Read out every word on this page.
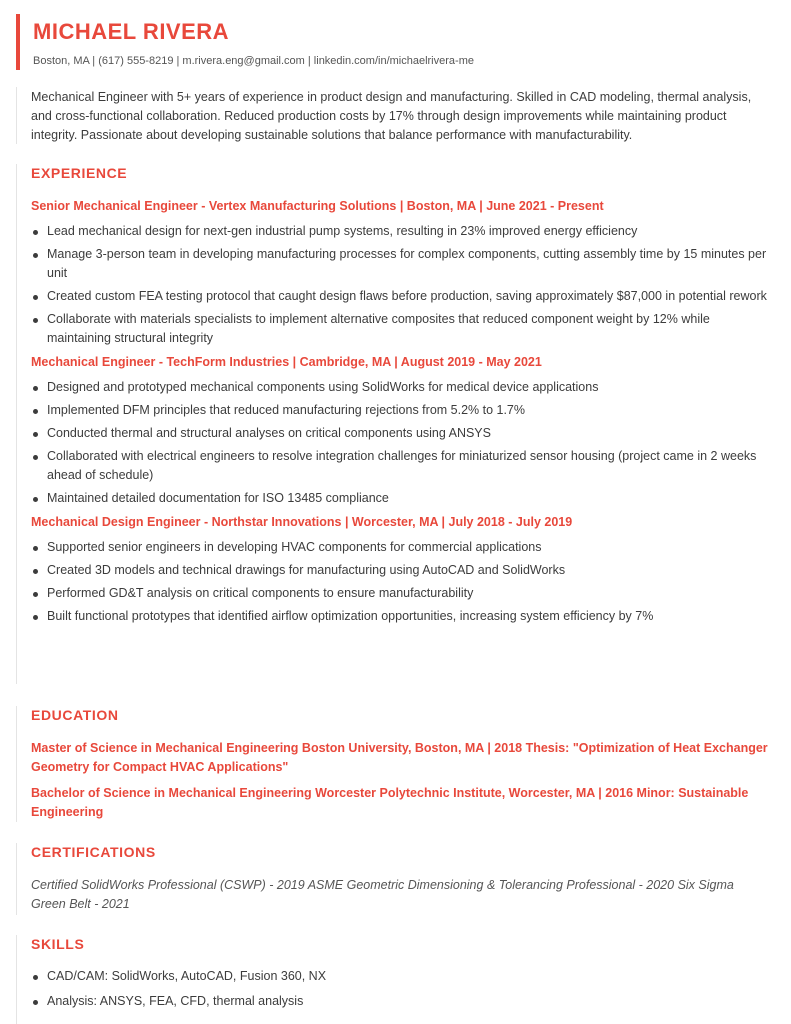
MICHAEL RIVERA
Boston, MA | (617) 555-8219 | m.rivera.eng@gmail.com | linkedin.com/in/michaelrivera-me

Mechanical Engineer with 5+ years of experience in product design and manufacturing. Skilled in CAD modeling, thermal analysis, and cross-functional collaboration. Reduced production costs by 17% through design improvements while maintaining product integrity. Passionate about developing sustainable solutions that balance performance with manufacturability.

EXPERIENCE
Senior Mechanical Engineer - Vertex Manufacturing Solutions | Boston, MA | June 2021 - Present
Lead mechanical design for next-gen industrial pump systems, resulting in 23% improved energy efficiency
Manage 3-person team in developing manufacturing processes for complex components, cutting assembly time by 15 minutes per unit
Created custom FEA testing protocol that caught design flaws before production, saving approximately $87,000 in potential rework
Collaborate with materials specialists to implement alternative composites that reduced component weight by 12% while maintaining structural integrity
Mechanical Engineer - TechForm Industries | Cambridge, MA | August 2019 - May 2021
Designed and prototyped mechanical components using SolidWorks for medical device applications
Implemented DFM principles that reduced manufacturing rejections from 5.2% to 1.7%
Conducted thermal and structural analyses on critical components using ANSYS
Collaborated with electrical engineers to resolve integration challenges for miniaturized sensor housing (project came in 2 weeks ahead of schedule)
Maintained detailed documentation for ISO 13485 compliance
Mechanical Design Engineer - Northstar Innovations | Worcester, MA | July 2018 - July 2019
Supported senior engineers in developing HVAC components for commercial applications
Created 3D models and technical drawings for manufacturing using AutoCAD and SolidWorks
Performed GD&T analysis on critical components to ensure manufacturability
Built functional prototypes that identified airflow optimization opportunities, increasing system efficiency by 7%
EDUCATION
Master of Science in Mechanical Engineering Boston University, Boston, MA | 2018 Thesis: "Optimization of Heat Exchanger Geometry for Compact HVAC Applications"
Bachelor of Science in Mechanical Engineering Worcester Polytechnic Institute, Worcester, MA | 2016 Minor: Sustainable Engineering
CERTIFICATIONS
Certified SolidWorks Professional (CSWP) - 2019 ASME Geometric Dimensioning & Tolerancing Professional - 2020 Six Sigma Green Belt - 2021
SKILLS
CAD/CAM: SolidWorks, AutoCAD, Fusion 360, NX
Analysis: ANSYS, FEA, CFD, thermal analysis
